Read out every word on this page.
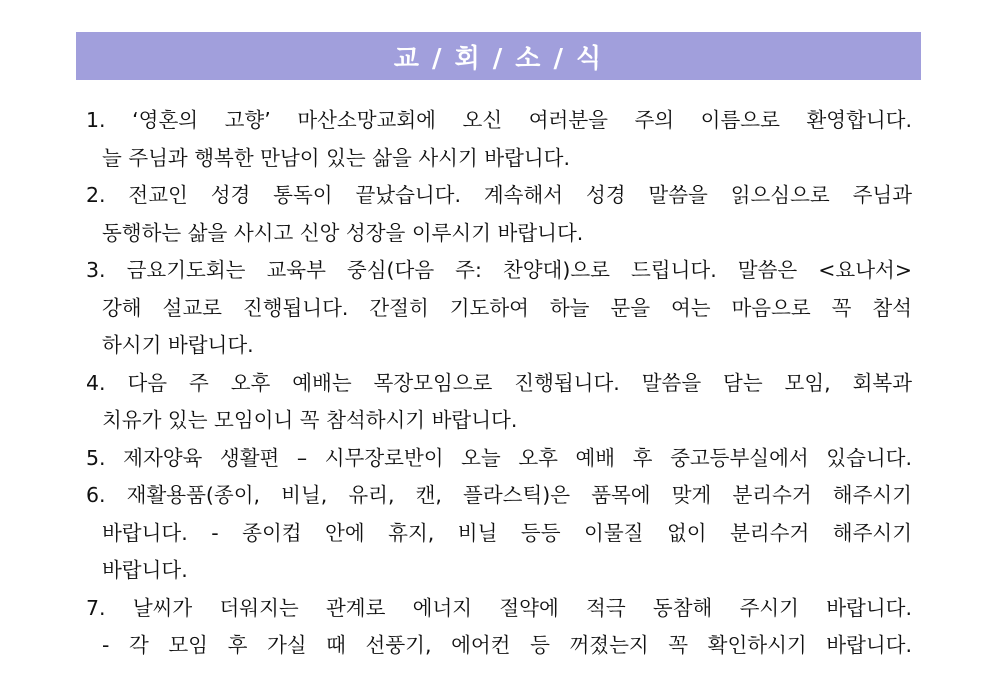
교 / 회 / 소 / 식
1. ‘영혼의 고향’ 마산소망교회에 오신 여러분을 주의 이름으로 환영합니다.
늘 주님과 행복한 만남이 있는 삶을 사시기 바랍니다.
2. 전교인 성경 통독이 끝났습니다. 계속해서 성경 말씀을 읽으심으로 주님과
동행하는 삶을 사시고 신앙 성장을 이루시기 바랍니다.
3. 금요기도회는 교육부 중심(다음 주: 찬양대)으로 드립니다. 말씀은 <요나서>
강해 설교로 진행됩니다. 간절히 기도하여 하늘 문을 여는 마음으로 꼭 참석
하시기 바랍니다.
4. 다음 주 오후 예배는 목장모임으로 진행됩니다. 말씀을 담는 모임, 회복과
치유가 있는 모임이니 꼭 참석하시기 바랍니다.
5. 제자양육 생활편 – 시무장로반이 오늘 오후 예배 후 중고등부실에서 있습니다.
6. 재활용품(종이, 비닐, 유리, 캔, 플라스틱)은 품목에 맞게 분리수거 해주시기
바랍니다. - 종이컵 안에 휴지, 비닐 등등 이물질 없이 분리수거 해주시기
바랍니다.
7. 날씨가 더워지는 관계로 에너지 절약에 적극 동참해 주시기 바랍니다.
- 각 모임 후 가실 때 선풍기, 에어컨 등 꺼졌는지 꼭 확인하시기 바랍니다.
